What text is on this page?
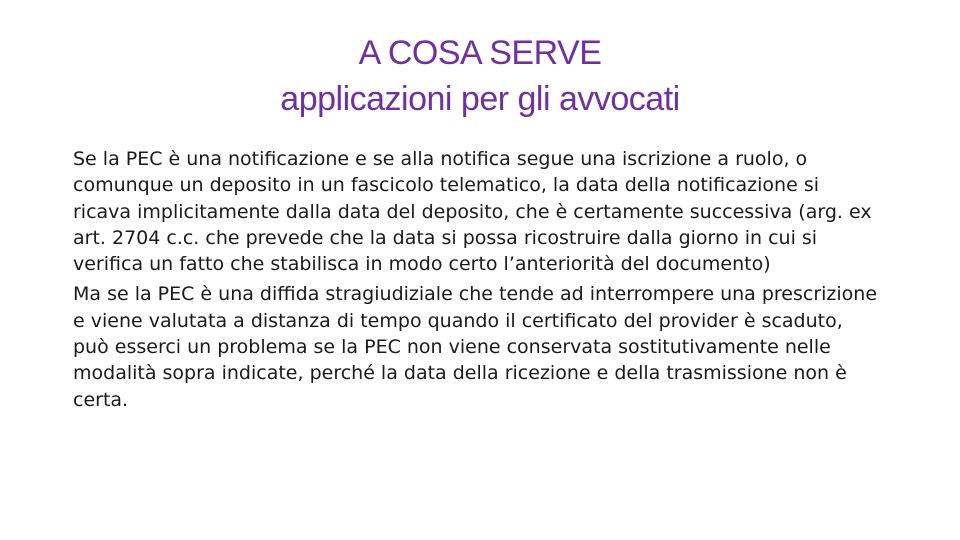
A COSA SERVE
applicazioni per gli avvocati

Se la PEC è una notificazione e se alla notifica segue una iscrizione a ruolo, o comunque un deposito in un fascicolo telematico, la data della notificazione si ricava implicitamente dalla data del deposito, che è certamente successiva (arg. ex art. 2704 c.c. che prevede che la data si possa ricostruire dalla giorno in cui si verifica un fatto che stabilisca in modo certo l’anteriorità del documento)

Ma se la PEC è una diffida stragiudiziale che tende ad interrompere una prescrizione e viene valutata a distanza di tempo quando il certificato del provider è scaduto, può esserci un problema se la PEC non viene conservata sostitutivamente nelle modalità sopra indicate, perché la data della ricezione e della trasmissione non è certa.
